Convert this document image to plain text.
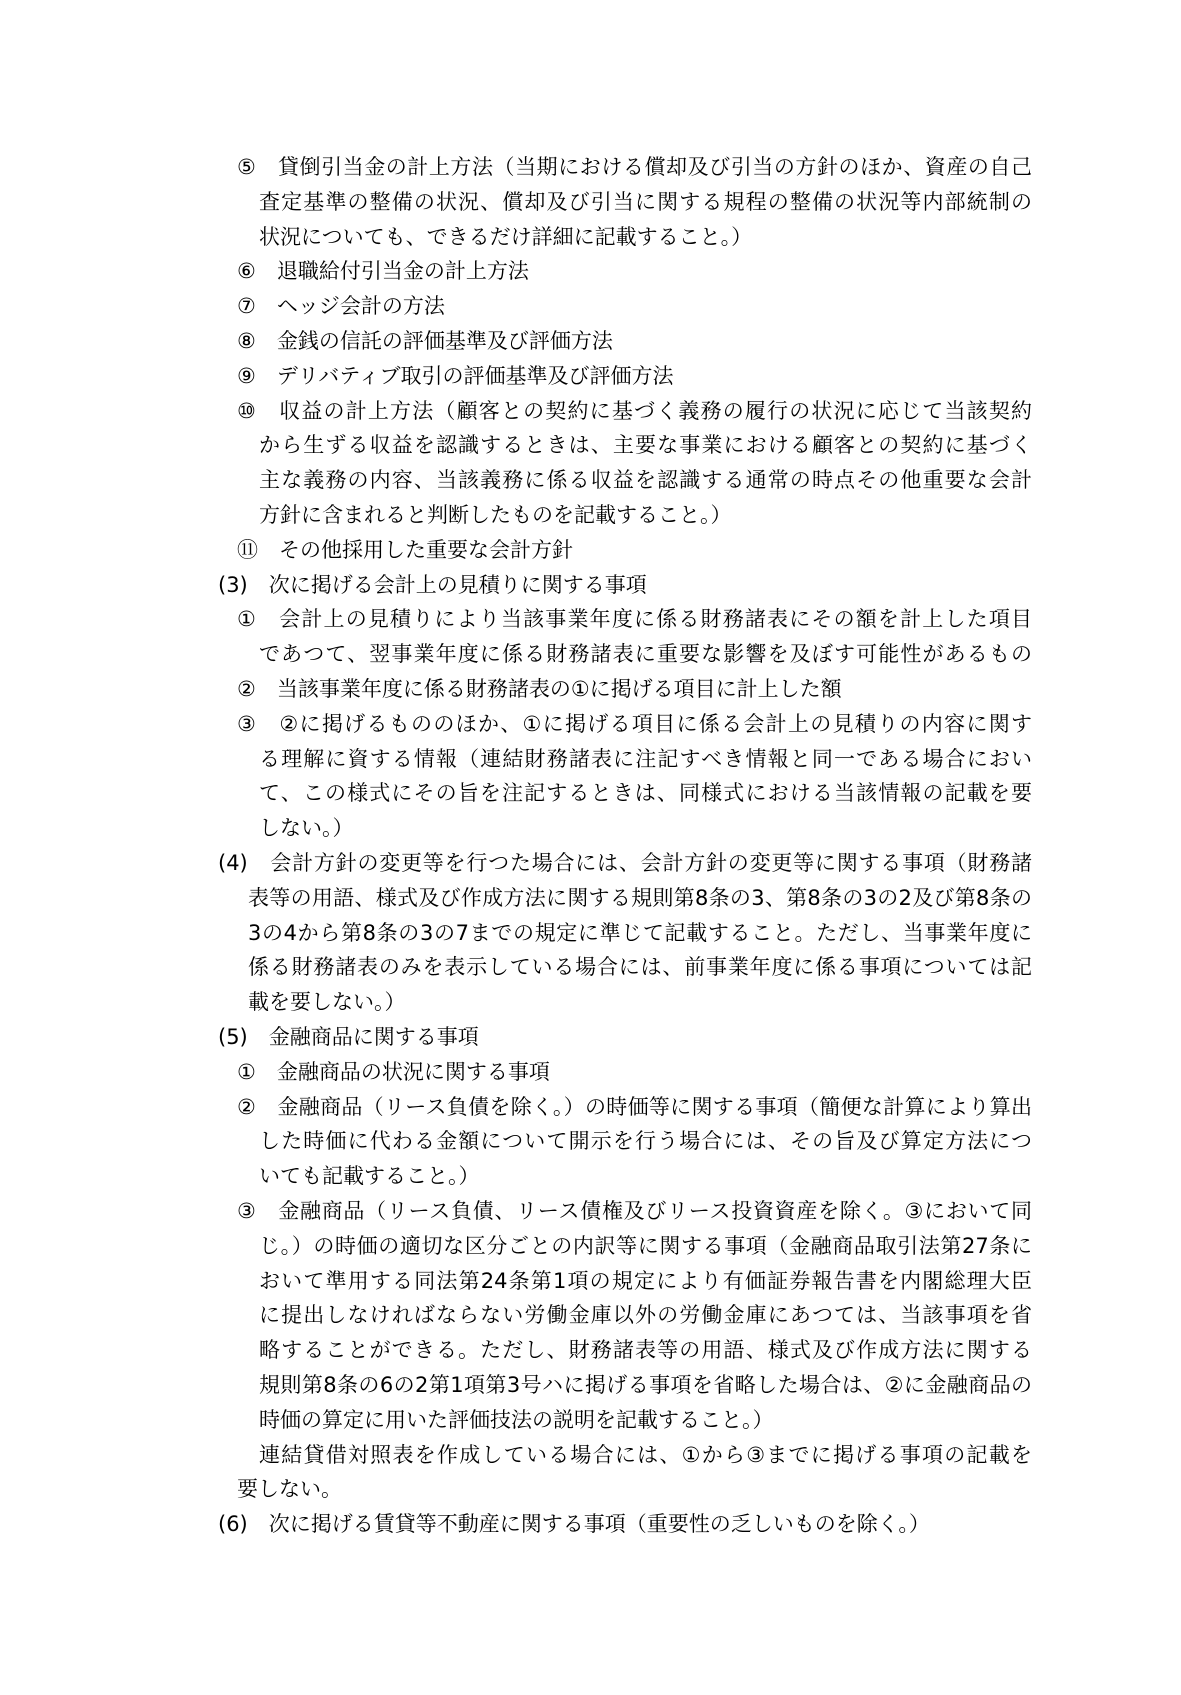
⑤　貸倒引当金の計上方法（当期における償却及び引当の方針のほか、資産の自己
査定基準の整備の状況、償却及び引当に関する規程の整備の状況等内部統制の
状況についても、できるだけ詳細に記載すること。）
⑥　退職給付引当金の計上方法
⑦　ヘッジ会計の方法
⑧　金銭の信託の評価基準及び評価方法
⑨　デリバティブ取引の評価基準及び評価方法
⑩　収益の計上方法（顧客との契約に基づく義務の履行の状況に応じて当該契約
から生ずる収益を認識するときは、主要な事業における顧客との契約に基づく
主な義務の内容、当該義務に係る収益を認識する通常の時点その他重要な会計
方針に含まれると判断したものを記載すること。）
⑪　その他採用した重要な会計方針
(3)　次に掲げる会計上の見積りに関する事項
①　会計上の見積りにより当該事業年度に係る財務諸表にその額を計上した項目
であつて、翌事業年度に係る財務諸表に重要な影響を及ぼす可能性があるもの
②　当該事業年度に係る財務諸表の①に掲げる項目に計上した額
③　②に掲げるもののほか、①に掲げる項目に係る会計上の見積りの内容に関す
る理解に資する情報（連結財務諸表に注記すべき情報と同一である場合におい
て、この様式にその旨を注記するときは、同様式における当該情報の記載を要
しない。）
(4)　会計方針の変更等を行つた場合には、会計方針の変更等に関する事項（財務諸
表等の用語、様式及び作成方法に関する規則第8条の3、第8条の3の2及び第8条の
3の4から第8条の3の7までの規定に準じて記載すること。ただし、当事業年度に
係る財務諸表のみを表示している場合には、前事業年度に係る事項については記
載を要しない。）
(5)　金融商品に関する事項
①　金融商品の状況に関する事項
②　金融商品（リース負債を除く。）の時価等に関する事項（簡便な計算により算出
した時価に代わる金額について開示を行う場合には、その旨及び算定方法につ
いても記載すること。）
③　金融商品（リース負債、リース債権及びリース投資資産を除く。③において同
じ。）の時価の適切な区分ごとの内訳等に関する事項（金融商品取引法第27条に
おいて準用する同法第24条第1項の規定により有価証券報告書を内閣総理大臣
に提出しなければならない労働金庫以外の労働金庫にあつては、当該事項を省
略することができる。ただし、財務諸表等の用語、様式及び作成方法に関する
規則第8条の6の2第1項第3号ハに掲げる事項を省略した場合は、②に金融商品の
時価の算定に用いた評価技法の説明を記載すること。）
連結貸借対照表を作成している場合には、①から③までに掲げる事項の記載を
要しない。
(6)　次に掲げる賃貸等不動産に関する事項（重要性の乏しいものを除く。）
